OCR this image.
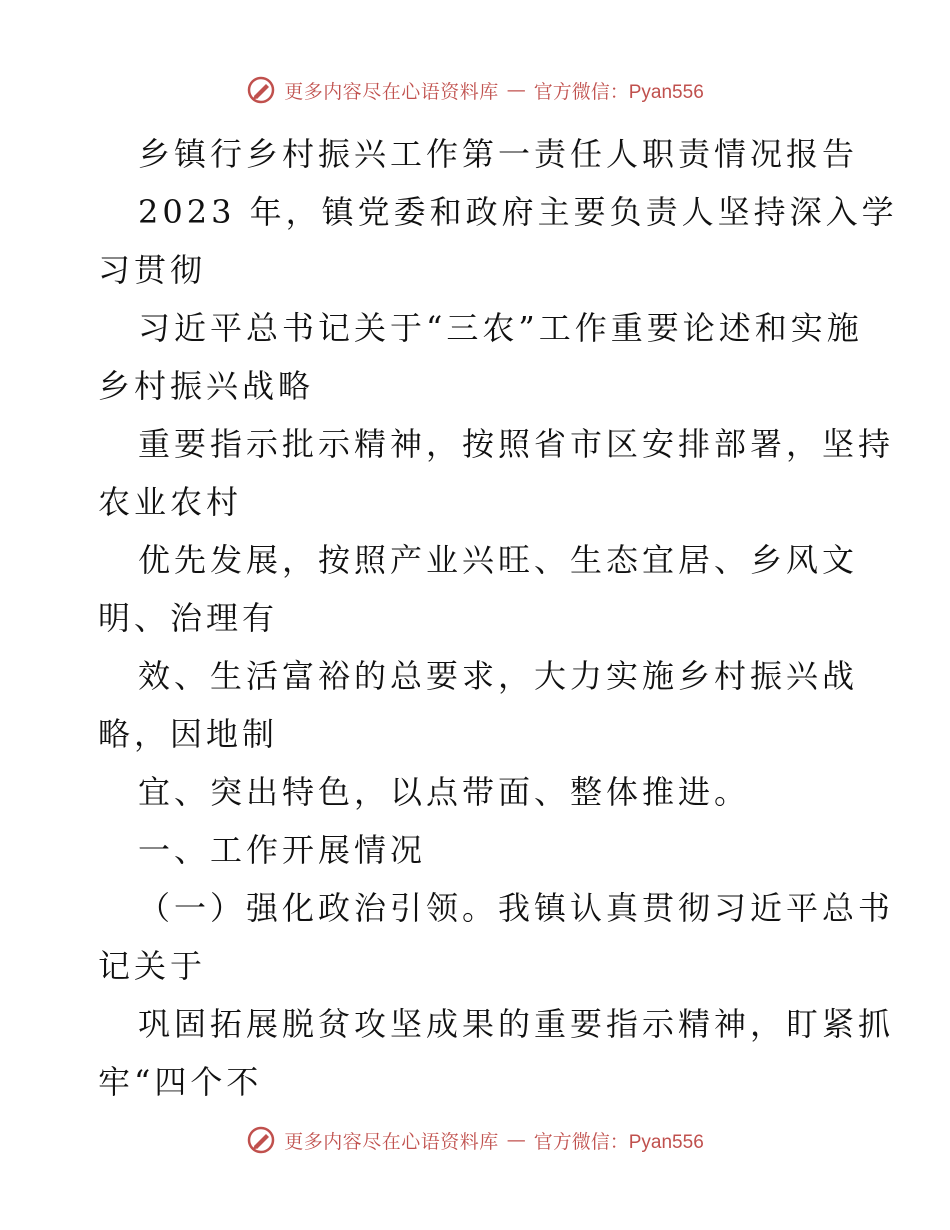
更多内容尽在心语资料库 — 官方微信：Pyan556
乡镇行乡村振兴工作第一责任人职责情况报告
2023 年，镇党委和政府主要负责人坚持深入学
习贯彻
习近平总书记关于“三农”工作重要论述和实施
乡村振兴战略
重要指示批示精神，按照省市区安排部署，坚持
农业农村
优先发展，按照产业兴旺、生态宜居、乡风文
明、治理有
效、生活富裕的总要求，大力实施乡村振兴战
略，因地制
宜、突出特色，以点带面、整体推进。
一、工作开展情况
（一）强化政治引领。我镇认真贯彻习近平总书
记关于
巩固拓展脱贫攻坚成果的重要指示精神，盯紧抓
牢“四个不
更多内容尽在心语资料库 — 官方微信：Pyan556
